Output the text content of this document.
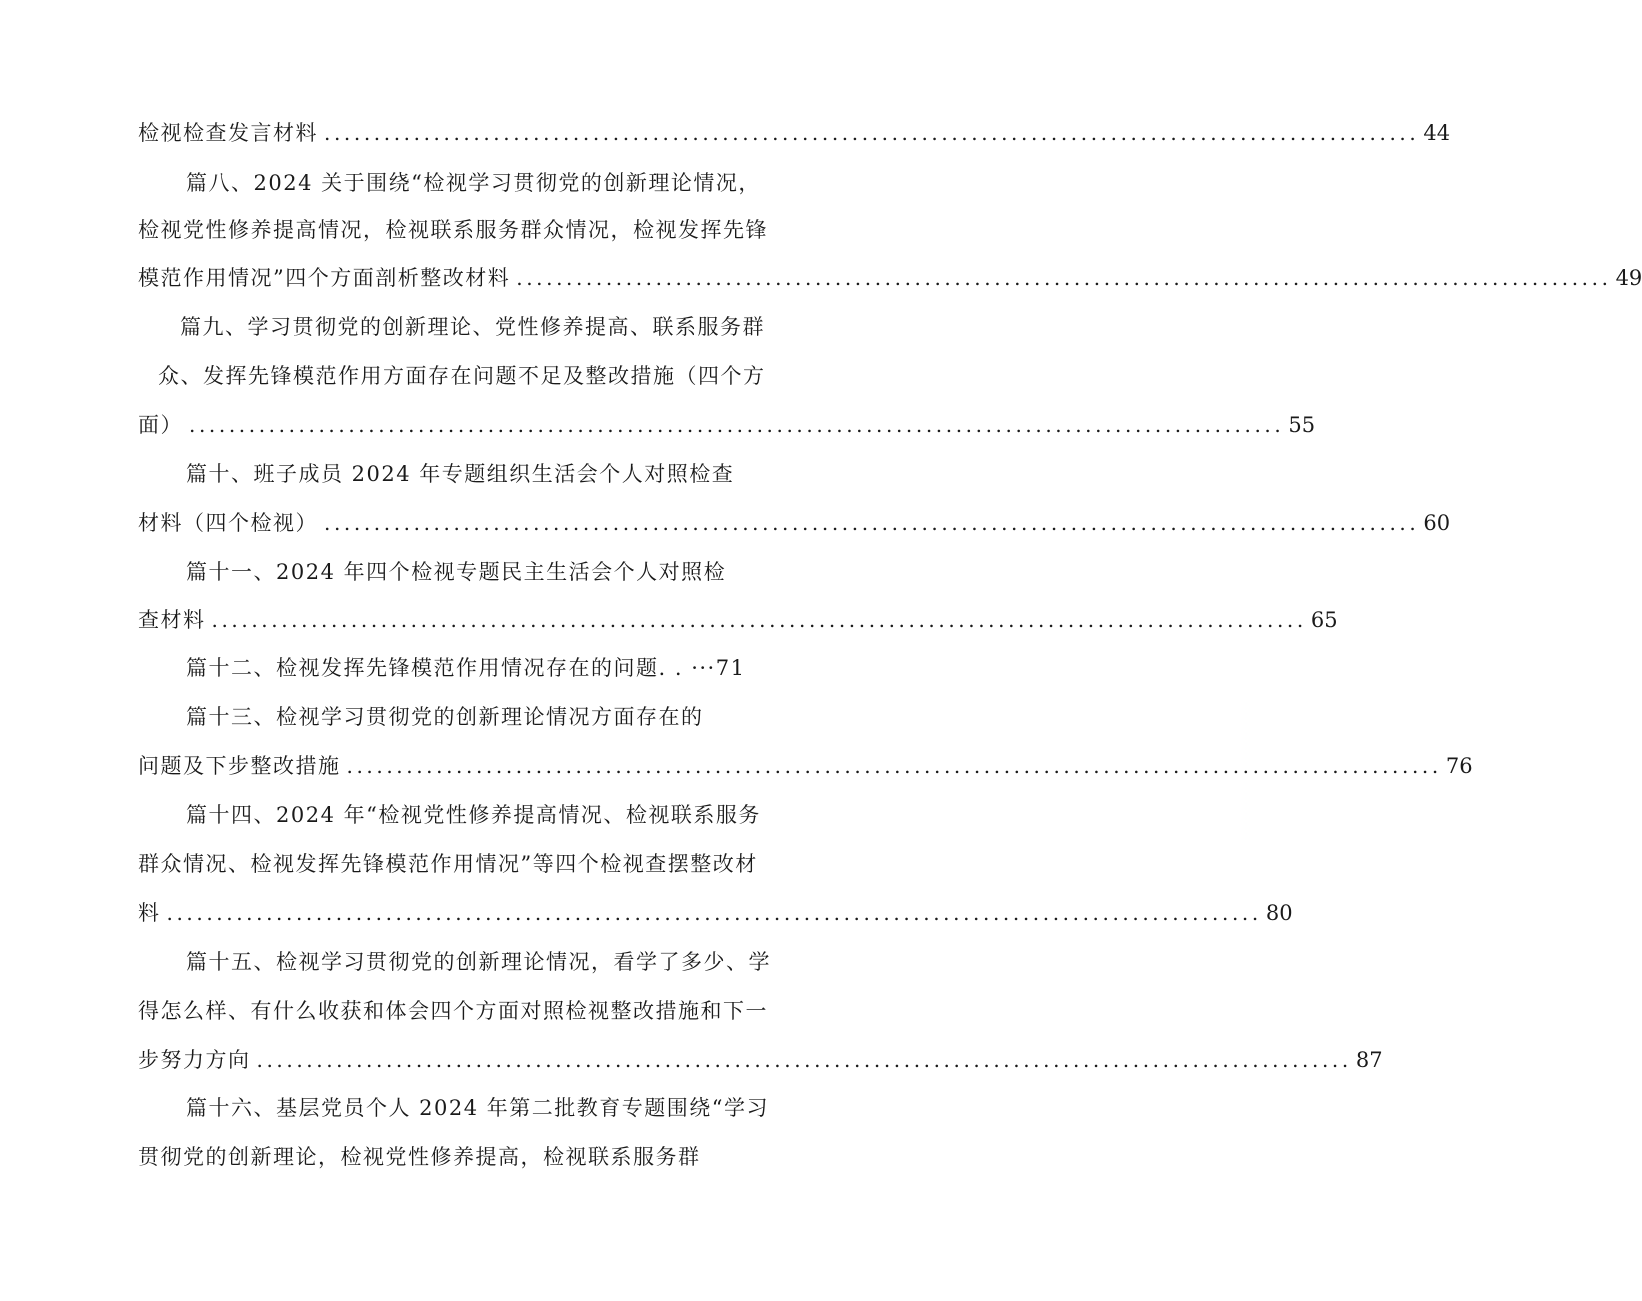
检视检查发言材料 .............................................................................................................. 44
篇八、2024 关于围绕“检视学习贯彻党的创新理论情况，
检视党性修养提高情况，检视联系服务群众情况，检视发挥先锋
模范作用情况”四个方面剖析整改材料 .............................................................................................................. 49
篇九、学习贯彻党的创新理论、党性修养提高、联系服务群
众、发挥先锋模范作用方面存在问题不足及整改措施（四个方
面） .............................................................................................................. 55
篇十、班子成员 2024 年专题组织生活会个人对照检查
材料（四个检视） .............................................................................................................. 60
篇十一、2024 年四个检视专题民主生活会个人对照检
查材料 .............................................................................................................. 65
篇十二、检视发挥先锋模范作用情况存在的问题. . ···71
篇十三、检视学习贯彻党的创新理论情况方面存在的
问题及下步整改措施 .............................................................................................................. 76
篇十四、2024 年“检视党性修养提高情况、检视联系服务
群众情况、检视发挥先锋模范作用情况”等四个检视查摆整改材
料 .............................................................................................................. 80
篇十五、检视学习贯彻党的创新理论情况，看学了多少、学
得怎么样、有什么收获和体会四个方面对照检视整改措施和下一
步努力方向 .............................................................................................................. 87
篇十六、基层党员个人 2024 年第二批教育专题围绕“学习
贯彻党的创新理论，检视党性修养提高，检视联系服务群
